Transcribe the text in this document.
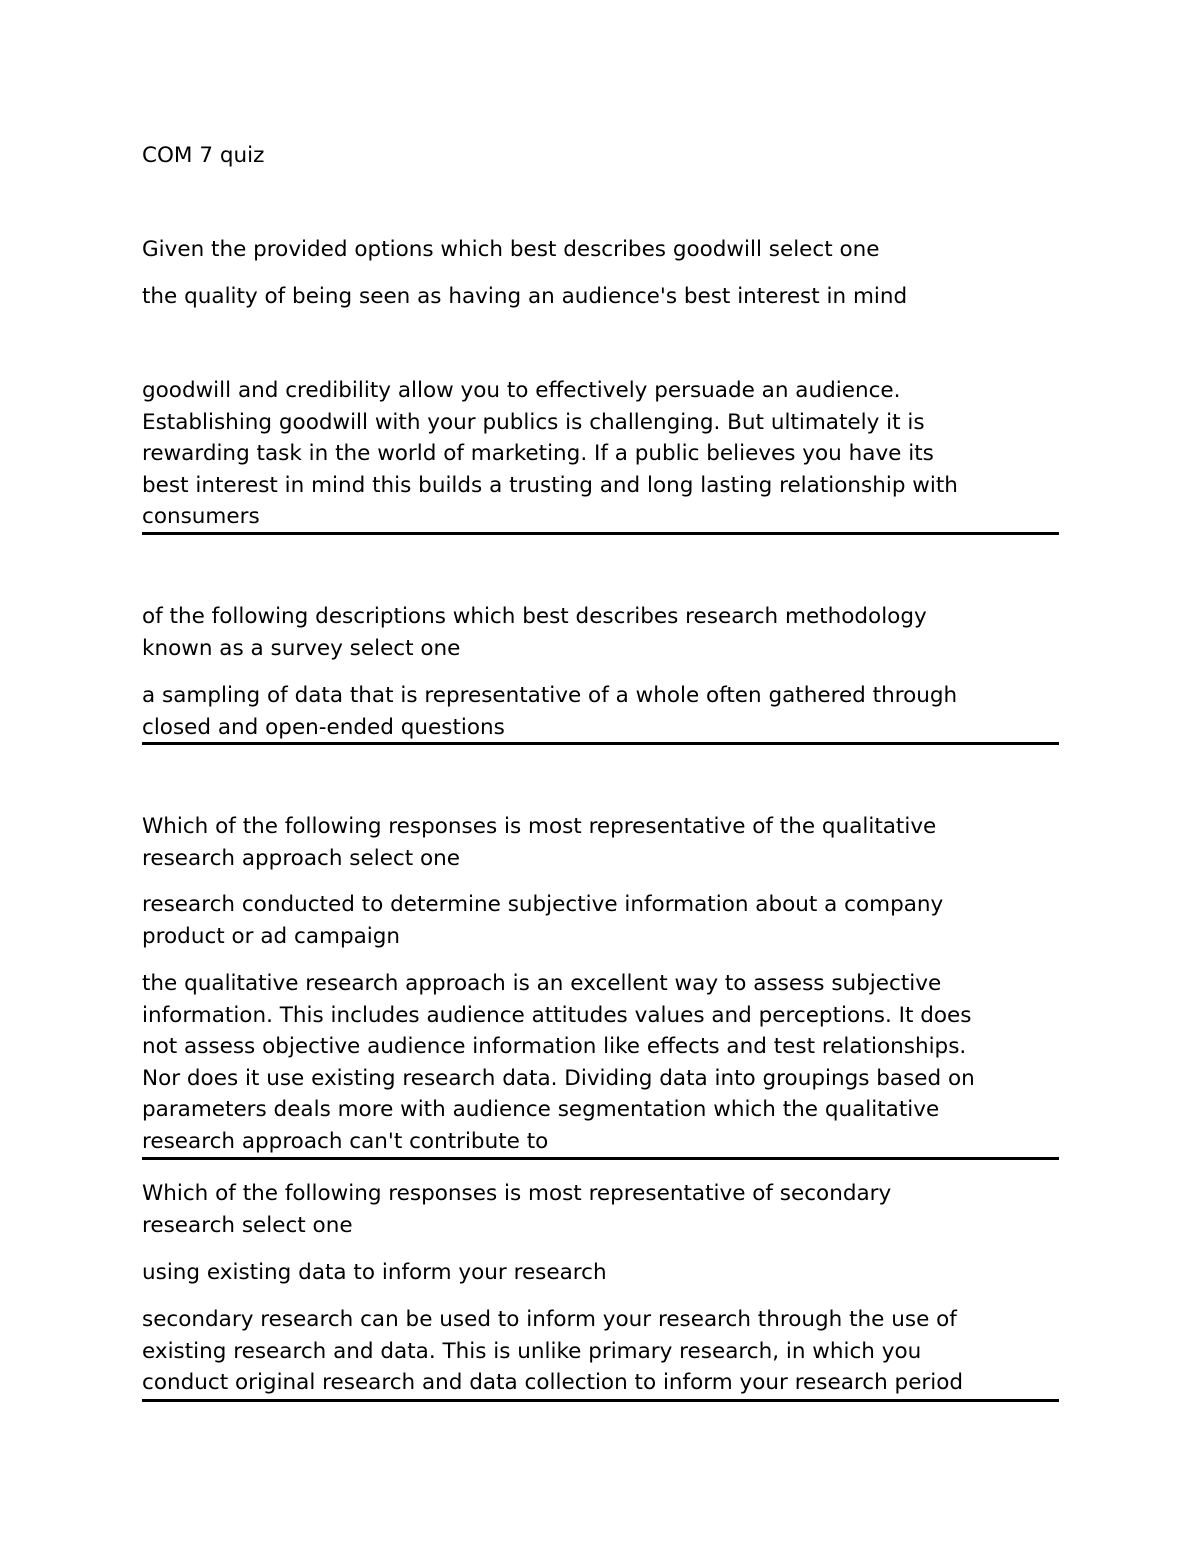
COM 7 quiz

Given the provided options which best describes goodwill select one

the quality of being seen as having an audience's best interest in mind

goodwill and credibility allow you to effectively persuade an audience.
Establishing goodwill with your publics is challenging. But ultimately it is
rewarding task in the world of marketing. If a public believes you have its
best interest in mind this builds a trusting and long lasting relationship with
consumers

of the following descriptions which best describes research methodology
known as a survey select one

a sampling of data that is representative of a whole often gathered through
closed and open-ended questions

Which of the following responses is most representative of the qualitative
research approach select one

research conducted to determine subjective information about a company
product or ad campaign

the qualitative research approach is an excellent way to assess subjective
information. This includes audience attitudes values and perceptions. It does
not assess objective audience information like effects and test relationships.
Nor does it use existing research data. Dividing data into groupings based on
parameters deals more with audience segmentation which the qualitative
research approach can't contribute to

Which of the following responses is most representative of secondary
research select one

using existing data to inform your research

secondary research can be used to inform your research through the use of
existing research and data. This is unlike primary research, in which you
conduct original research and data collection to inform your research period
